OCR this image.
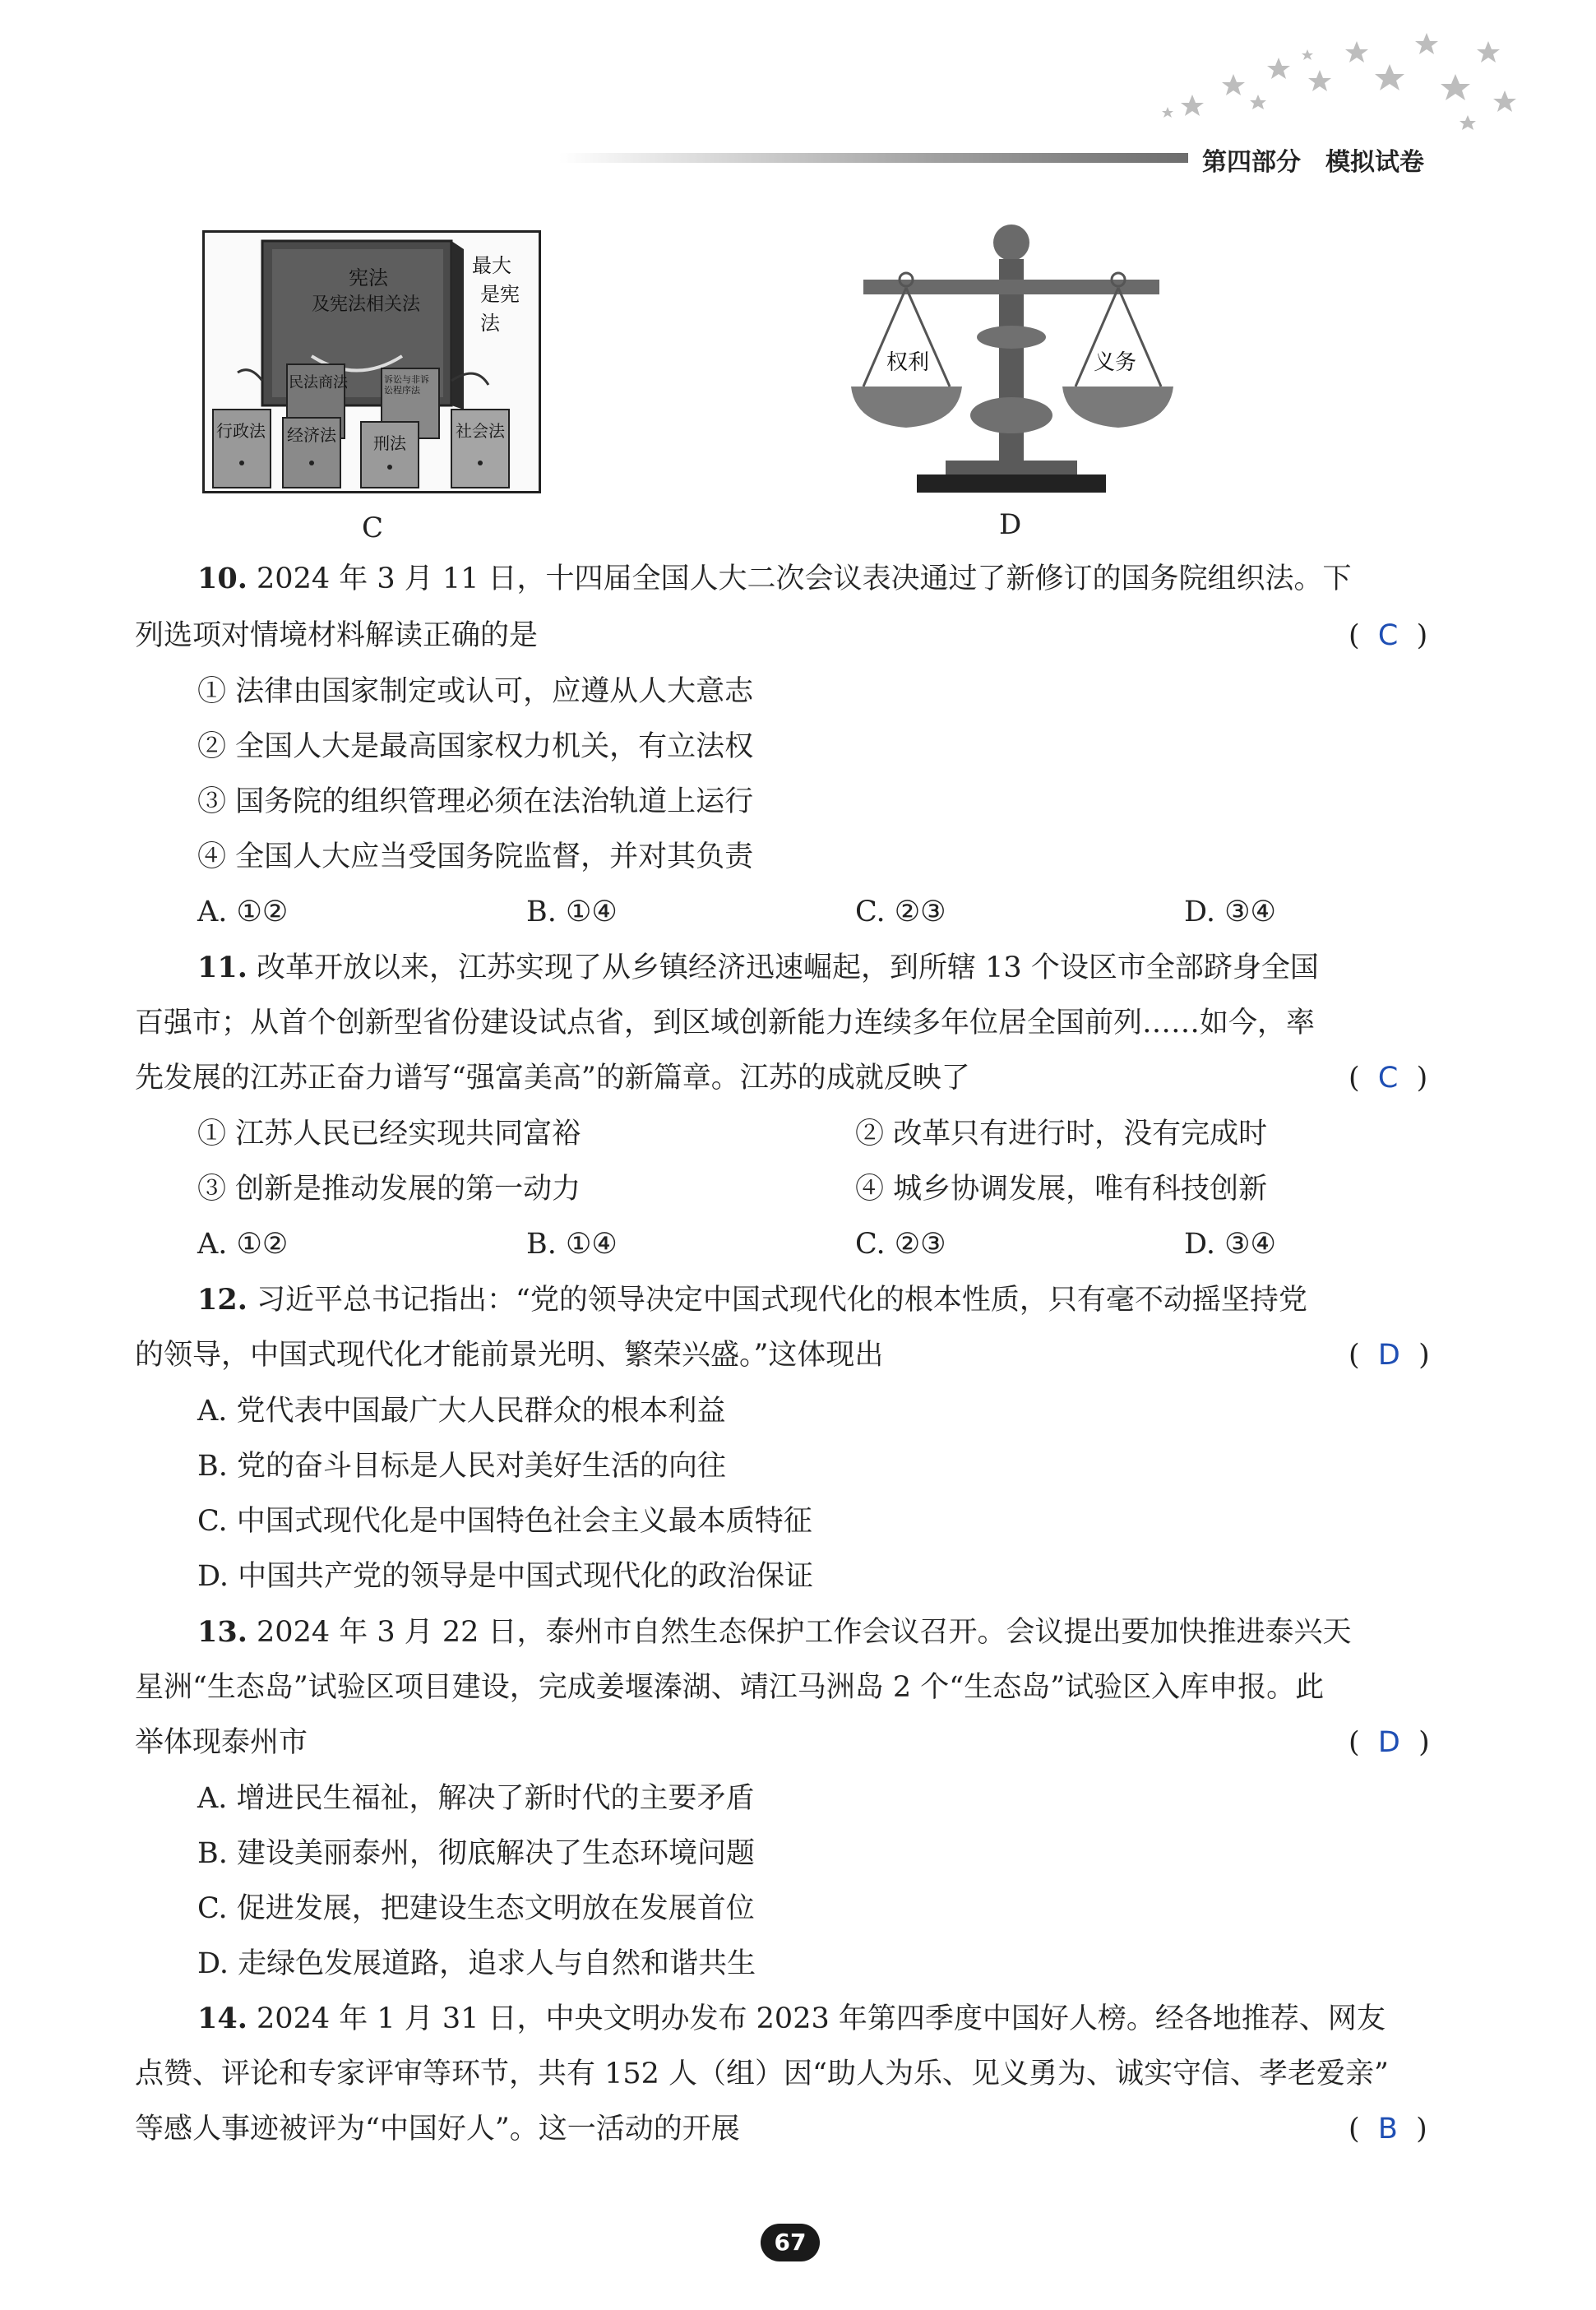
第四部分　模拟试卷
宪法
最大
是宪法
及宪法相关法
民法商法
行政法 经济法 刑法
诉讼与非诉讼程序法
社会法
C
权利	义务
D
10. 2024 年 3 月 11 日，十四届全国人大二次会议表决通过了新修订的国务院组织法。下
列选项对情境材料解读正确的是	(  C  )
① 法律由国家制定或认可，应遵从人大意志
② 全国人大是最高国家权力机关，有立法权
③ 国务院的组织管理必须在法治轨道上运行
④ 全国人大应当受国务院监督，并对其负责
A. ①②	B. ①④	C. ②③	D. ③④
11. 改革开放以来，江苏实现了从乡镇经济迅速崛起，到所辖 13 个设区市全部跻身全国
百强市；从首个创新型省份建设试点省，到区域创新能力连续多年位居全国前列……如今，率
先发展的江苏正奋力谱写“强富美高”的新篇章。江苏的成就反映了	(  C  )
① 江苏人民已经实现共同富裕	② 改革只有进行时，没有完成时
③ 创新是推动发展的第一动力	④ 城乡协调发展，唯有科技创新
A. ①②	B. ①④	C. ②③	D. ③④
12. 习近平总书记指出：“党的领导决定中国式现代化的根本性质，只有毫不动摇坚持党
的领导，中国式现代化才能前景光明、繁荣兴盛。”这体现出	(  D  )
A. 党代表中国最广大人民群众的根本利益
B. 党的奋斗目标是人民对美好生活的向往
C. 中国式现代化是中国特色社会主义最本质特征
D. 中国共产党的领导是中国式现代化的政治保证
13. 2024 年 3 月 22 日，泰州市自然生态保护工作会议召开。会议提出要加快推进泰兴天
星洲“生态岛”试验区项目建设，完成姜堰溱湖、靖江马洲岛 2 个“生态岛”试验区入库申报。此
举体现泰州市	(  D  )
A. 增进民生福祉，解决了新时代的主要矛盾
B. 建设美丽泰州，彻底解决了生态环境问题
C. 促进发展，把建设生态文明放在发展首位
D. 走绿色发展道路，追求人与自然和谐共生
14. 2024 年 1 月 31 日，中央文明办发布 2023 年第四季度中国好人榜。经各地推荐、网友
点赞、评论和专家评审等环节，共有 152 人（组）因“助人为乐、见义勇为、诚实守信、孝老爱亲”
等感人事迹被评为“中国好人”。这一活动的开展	(  B  )
67
